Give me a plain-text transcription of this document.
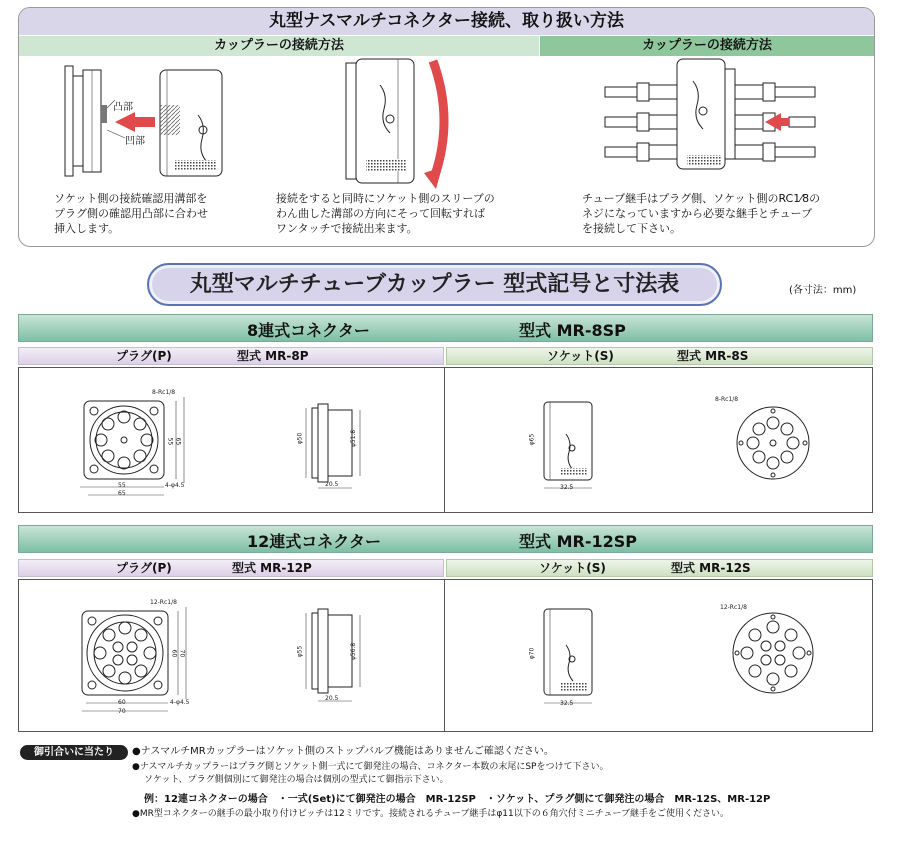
丸型ナスマルチコネクター接続、取り扱い方法
カップラーの接続方法	カップラーの接続方法
凸部
凹部
ソケット側の接続確認用溝部を
プラグ側の確認用凸部に合わせ
挿入します。
接続をすると同時にソケット側のスリーブの
わん曲した溝部の方向にそって回転すれば
ワンタッチで接続出来ます。
チューブ継手はプラグ側、ソケット側のRC1⁄8の
ネジになっていますから必要な継手とチューブ
を接続して下さい。
丸型マルチチューブカップラー 型式記号と寸法表	(各寸法：mm)
8連式コネクター	型式 MR-8SP
プラグ(P)	型式 MR-8P	ソケット(S)	型式 MR-8S
8-Rc1/8
55
65
4-φ4.5
55 65	φ50	φ51.8
20.5
φ65
32.5
8-Rc1/8
12連式コネクター	型式 MR-12SP
プラグ(P)	型式 MR-12P	ソケット(S)	型式 MR-12S
12-Rc1/8
60
70
4-φ4.5
60 70	φ55	φ56.8
20.5
φ70
32.5
12-Rc1/8
御引合いに当たり	●ナスマルチMRカップラーはソケット側のストップバルブ機能はありませんご確認ください。
●ナスマルチカップラーはプラグ側とソケット側一式にて御発注の場合、コネクター本数の末尾にSPをつけて下さい。
ソケット、プラグ側個別にて御発注の場合は個別の型式にて御指示下さい。
例：12連コネクターの場合　・一式(Set)にて御発注の場合　MR-12SP　・ソケット、プラグ側にて御発注の場合　MR-12S、MR-12P
●MR型コネクターの継手の最小取り付けピッチは12ミリです。接続されるチューブ継手はφ11以下の６角穴付ミニチューブ継手をご使用ください。
